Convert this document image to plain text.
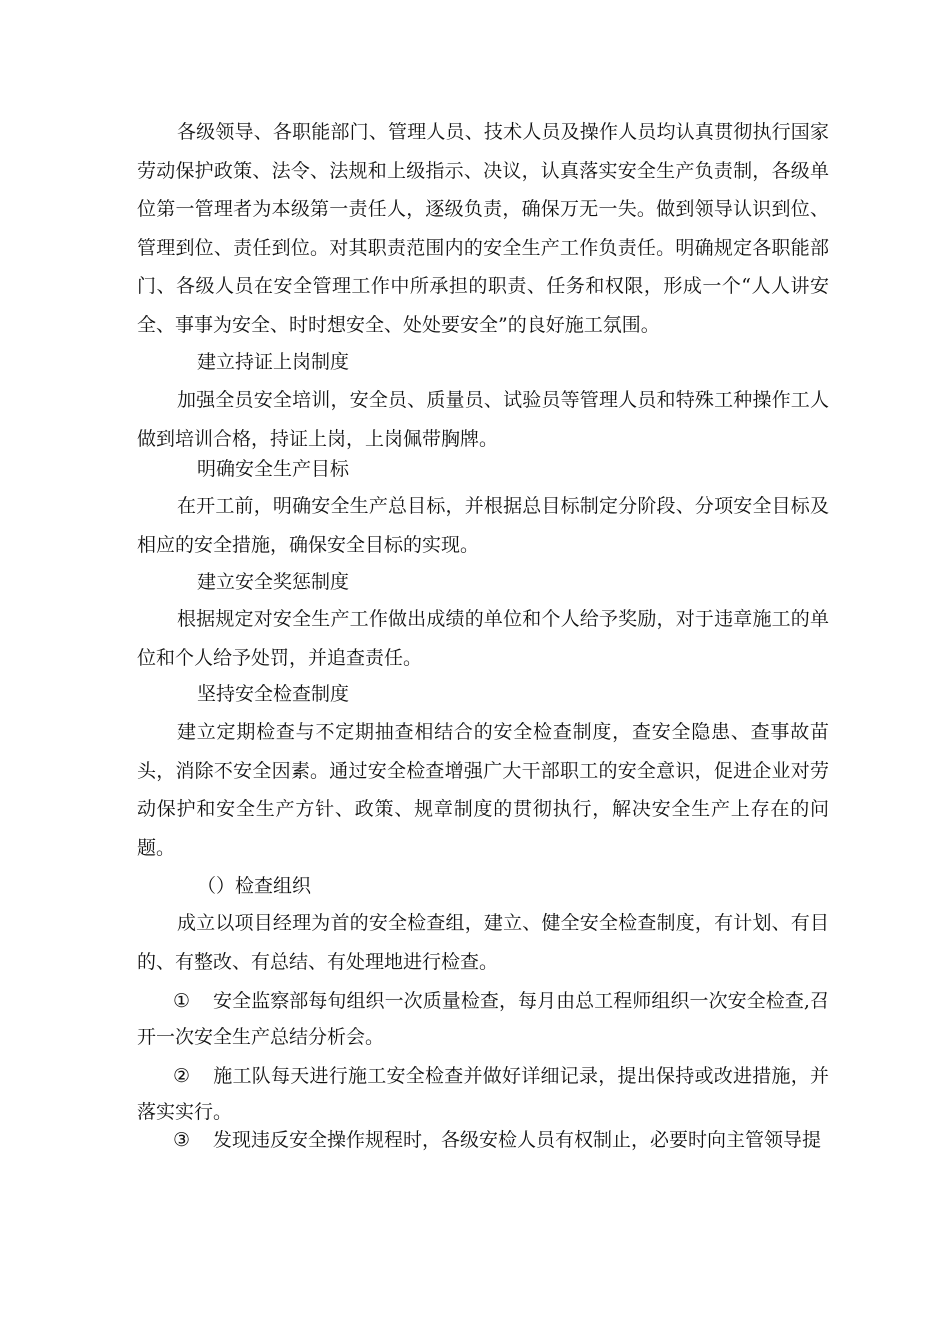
各级领导、各职能部门、管理人员、技术人员及操作人员均认真贯彻执行国家劳动保护政策、法令、法规和上级指示、决议，认真落实安全生产负责制，各级单位第一管理者为本级第一责任人，逐级负责，确保万无一失。做到领导认识到位、管理到位、责任到位。对其职责范围内的安全生产工作负责任。明确规定各职能部门、各级人员在安全管理工作中所承担的职责、任务和权限，形成一个“人人讲安全、事事为安全、时时想安全、处处要安全”的良好施工氛围。

建立持证上岗制度

加强全员安全培训，安全员、质量员、试验员等管理人员和特殊工种操作工人做到培训合格，持证上岗，上岗佩带胸牌。

明确安全生产目标

在开工前，明确安全生产总目标，并根据总目标制定分阶段、分项安全目标及相应的安全措施，确保安全目标的实现。

建立安全奖惩制度

根据规定对安全生产工作做出成绩的单位和个人给予奖励，对于违章施工的单位和个人给予处罚，并追查责任。

坚持安全检查制度

建立定期检查与不定期抽查相结合的安全检查制度，查安全隐患、查事故苗头，消除不安全因素。通过安全检查增强广大干部职工的安全意识，促进企业对劳动保护和安全生产方针、政策、规章制度的贯彻执行，解决安全生产上存在的问题。

（）检查组织

成立以项目经理为首的安全检查组，建立、健全安全检查制度，有计划、有目的、有整改、有总结、有处理地进行检查。

① 安全监察部每旬组织一次质量检查，每月由总工程师组织一次安全检查,召开一次安全生产总结分析会。

② 施工队每天进行施工安全检查并做好详细记录，提出保持或改进措施，并落实实行。

③ 发现违反安全操作规程时，各级安检人员有权制止，必要时向主管领导提
